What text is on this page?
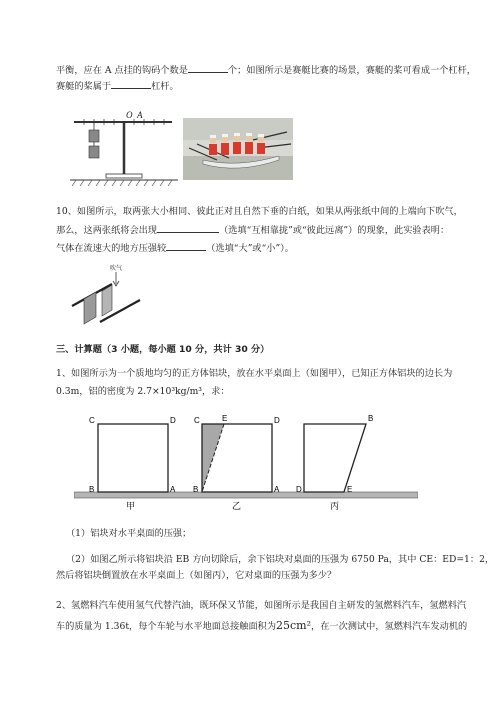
平衡，应在 A 点挂的钩码个数是	个；如图所示是赛艇比赛的场景，赛艇的桨可看成一个杠杆，
赛艇的桨属于	杠杆。
O A
10、如图所示，取两张大小相同、彼此正对且自然下垂的白纸，如果从两张纸中间的上端向下吹气，
那么，这两张纸将会出现	（选填“互相靠拢”或“彼此远离”）的现象，此实验表明：
气体在流速大的地方压强较	（选填“大”或“小”）。
吹气
三、计算题（3 小题，每小题 10 分，共计 30 分）
1、如图所示为一个质地均匀的正方体铝块，放在水平桌面上（如图甲），已知正方体铝块的边长为
0.3m，铝的密度为 2.7×10³kg/m³，求：
C	D
B	A
甲
C	E	D
B	A
乙
B
D	E
丙
（1）铝块对水平桌面的压强；
（2）如图乙所示将铝块沿 EB 方向切除后，余下铝块对桌面的压强为 6750 Pa，其中 CE：ED=1：2，
然后将铝块倒置放在水平桌面上（如图丙），它对桌面的压强为多少？
2、氢燃料汽车使用氢气代替汽油，既环保又节能，如图所示是我国自主研发的氢燃料汽车，氢燃料汽
车的质量为 1.36t，每个车轮与水平地面总接触面积为25cm²，在一次测试中，氢燃料汽车发动机的
